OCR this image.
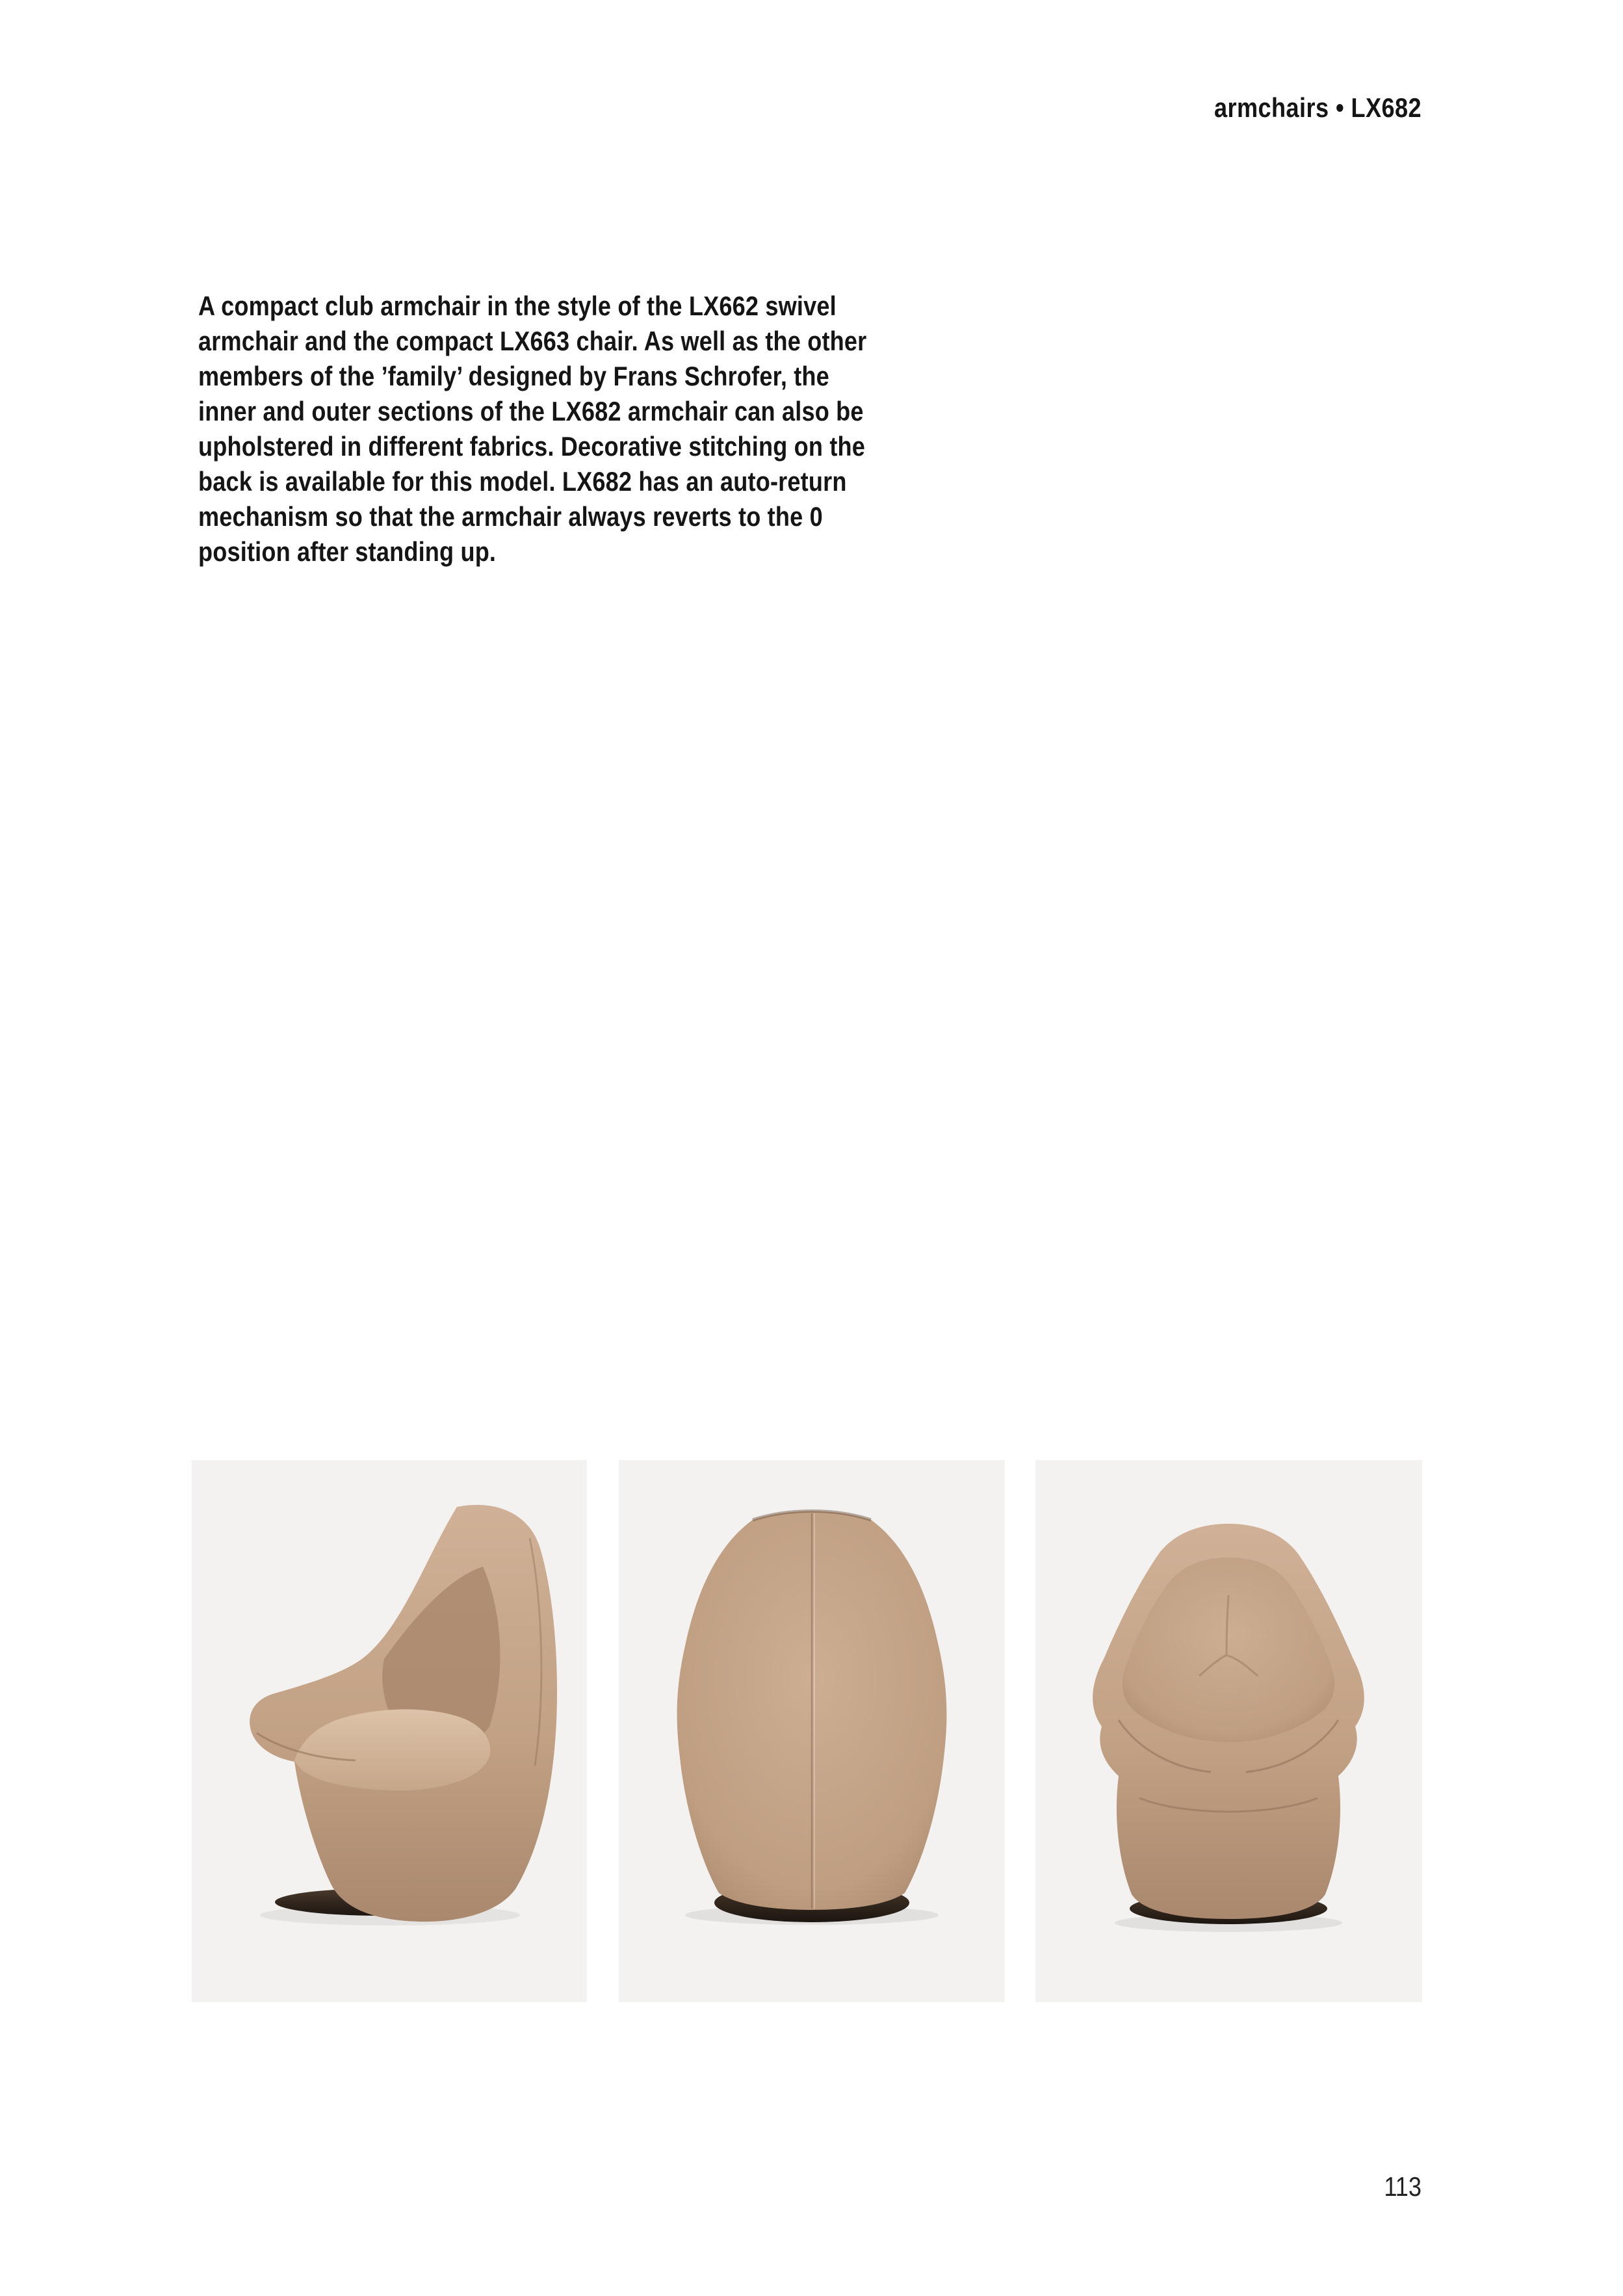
armchairs • LX682
A compact club armchair in the style of the LX662 swivel
armchair and the compact LX663 chair. As well as the other
members of the ’family’ designed by Frans Schrofer, the
inner and outer sections of the LX682 armchair can also be
upholstered in different fabrics. Decorative stitching on the
back is available for this model. LX682 has an auto-return
mechanism so that the armchair always reverts to the 0
position after standing up.
113
